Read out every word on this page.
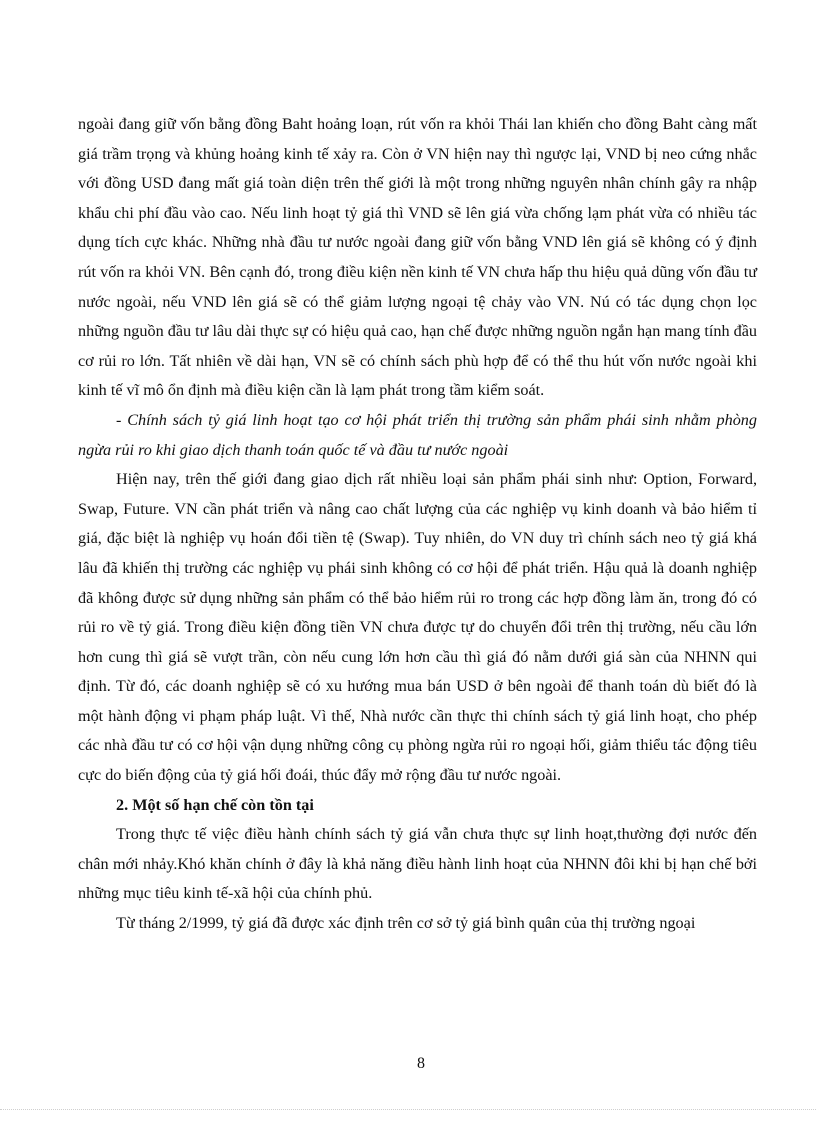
ngoài đang giữ vốn bằng đồng Baht hoảng loạn, rút vốn ra khỏi Thái lan khiến cho đồng Baht càng mất giá trầm trọng và khủng hoảng kinh tế xảy ra. Còn ở VN hiện nay thì ngược lại, VND bị neo cứng nhắc với đồng USD đang mất giá toàn diện trên thế giới là một trong những nguyên nhân chính gây ra nhập khẩu chi phí đầu vào cao. Nếu linh hoạt tỷ giá thì VND sẽ lên giá vừa chống lạm phát vừa có nhiều tác dụng tích cực khác. Những nhà đầu tư nước ngoài đang giữ vốn bằng VND lên giá sẽ không có ý định rút vốn ra khỏi VN. Bên cạnh đó, trong điều kiện nền kinh tế VN chưa hấp thu hiệu quả dũng vốn đầu tư nước ngoài, nếu VND lên giá sẽ có thể giảm lượng ngoại tệ chảy vào VN. Nú có tác dụng chọn lọc những nguồn đầu tư lâu dài thực sự có hiệu quả cao, hạn chế được những nguồn ngắn hạn mang tính đầu cơ rủi ro lớn. Tất nhiên về dài hạn, VN sẽ có chính sách phù hợp để có thể thu hút vốn nước ngoài khi kinh tế vĩ mô ổn định mà điều kiện cần là lạm phát trong tầm kiểm soát.

- Chính sách tỷ giá linh hoạt tạo cơ hội phát triển thị trường sản phẩm phái sinh nhằm phòng ngừa rủi ro khi giao dịch thanh toán quốc tế và đầu tư nước ngoài

Hiện nay, trên thế giới đang giao dịch rất nhiều loại sản phẩm phái sinh như: Option, Forward, Swap, Future. VN cần phát triển và nâng cao chất lượng của các nghiệp vụ kinh doanh và bảo hiểm tỉ giá, đặc biệt là nghiệp vụ hoán đổi tiền tệ (Swap). Tuy nhiên, do VN duy trì chính sách neo tỷ giá khá lâu đã khiến thị trường các nghiệp vụ phái sinh không có cơ hội để phát triển. Hậu quả là doanh nghiệp đã không được sử dụng những sản phẩm có thể bảo hiểm rủi ro trong các hợp đồng làm ăn, trong đó có rủi ro về tỷ giá. Trong điều kiện đồng tiền VN chưa được tự do chuyển đổi trên thị trường, nếu cầu lớn hơn cung thì giá sẽ vượt trần, còn nếu cung lớn hơn cầu thì giá đó nằm dưới giá sàn của NHNN qui định. Từ đó, các doanh nghiệp sẽ có xu hướng mua bán USD ở bên ngoài để thanh toán dù biết đó là một hành động vi phạm pháp luật. Vì thế, Nhà nước cần thực thi chính sách tỷ giá linh hoạt, cho phép các nhà đầu tư có cơ hội vận dụng những công cụ phòng ngừa rủi ro ngoại hối, giảm thiểu tác động tiêu cực do biến động của tỷ giá hối đoái, thúc đẩy mở rộng đầu tư nước ngoài.

2. Một số hạn chế còn tồn tại

Trong thực tế việc điều hành chính sách tỷ giá vẫn chưa thực sự linh hoạt,thường đợi nước đến chân mới nhảy.Khó khăn chính ở đây là khả năng điều hành linh hoạt của NHNN đôi khi bị hạn chế bởi những mục tiêu kinh tế-xã hội của chính phủ.

Từ tháng 2/1999, tỷ giá đã được xác định trên cơ sở tỷ giá bình quân của thị trường ngoại

8
